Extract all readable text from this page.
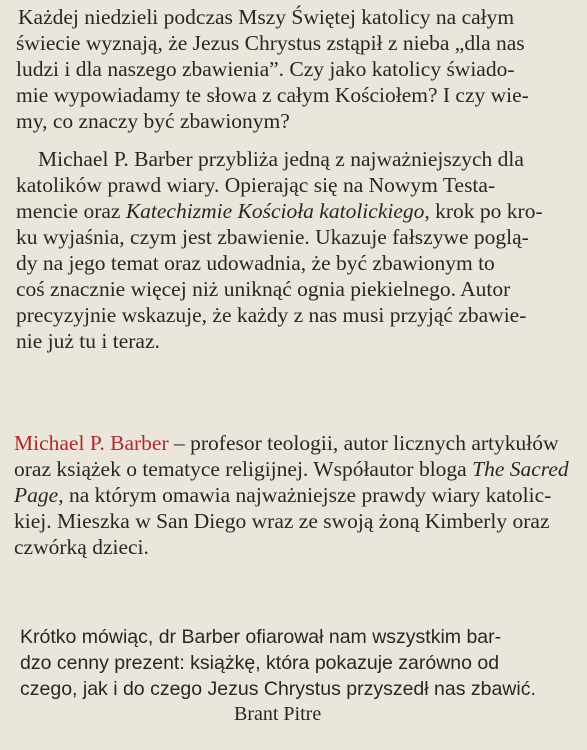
Każdej niedzieli podczas Mszy Świętej katolicy na całym
świecie wyznają, że Jezus Chrystus zstąpił z nieba „dla nas
ludzi i dla naszego zbawienia”. Czy jako katolicy świado-
mie wypowiadamy te słowa z całym Kościołem? I czy wie-
my, co znaczy być zbawionym?
Michael P. Barber przybliża jedną z najważniejszych dla
katolików prawd wiary. Opierając się na Nowym Testa-
mencie oraz Katechizmie Kościoła katolickiego, krok po kro-
ku wyjaśnia, czym jest zbawienie. Ukazuje fałszywe poglą-
dy na jego temat oraz udowadnia, że być zbawionym to
coś znacznie więcej niż uniknąć ognia piekielnego. Autor
precyzyjnie wskazuje, że każdy z nas musi przyjąć zbawie-
nie już tu i teraz.
Michael P. Barber – profesor teologii, autor licznych artykułów
oraz książek o tematyce religijnej. Współautor bloga The Sacred
Page, na którym omawia najważniejsze prawdy wiary katolic-
kiej. Mieszka w San Diego wraz ze swoją żoną Kimberly oraz
czwórką dzieci.
Krótko mówiąc, dr Barber ofiarował nam wszystkim bar-
dzo cenny prezent: książkę, która pokazuje zarówno od
czego, jak i do czego Jezus Chrystus przyszedł nas zbawić.
Brant Pitre
